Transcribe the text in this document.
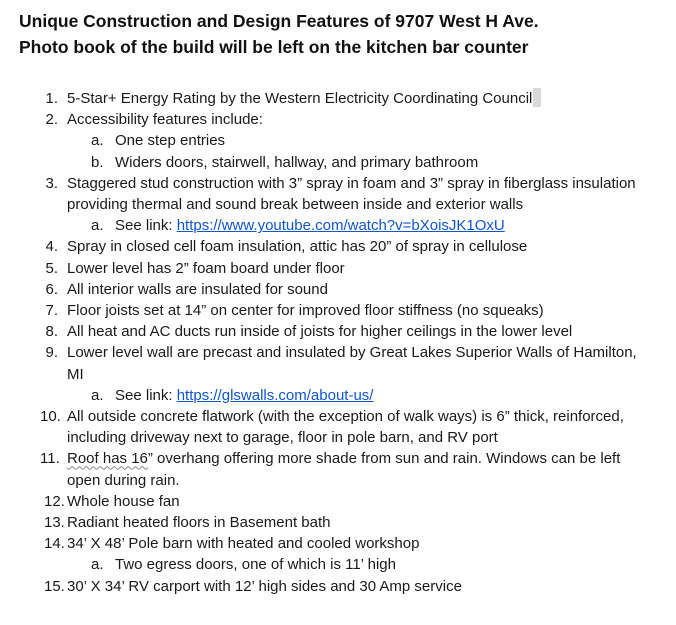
Unique Construction and Design Features of 9707 West H Ave.
Photo book of the build will be left on the kitchen bar counter
1. 5-Star+ Energy Rating by the Western Electricity Coordinating Council
2. Accessibility features include:
a. One step entries
b. Widers doors, stairwell, hallway, and primary bathroom
3. Staggered stud construction with 3” spray in foam and 3” spray in fiberglass insulation providing thermal and sound break between inside and exterior walls
a. See link: https://www.youtube.com/watch?v=bXoisJK1OxU
4. Spray in closed cell foam insulation, attic has 20” of spray in cellulose
5. Lower level has 2” foam board under floor
6. All interior walls are insulated for sound
7. Floor joists set at 14” on center for improved floor stiffness (no squeaks)
8. All heat and AC ducts run inside of joists for higher ceilings in the lower level
9. Lower level wall are precast and insulated by Great Lakes Superior Walls of Hamilton, MI
a. See link: https://glswalls.com/about-us/
10. All outside concrete flatwork (with the exception of walk ways) is 6” thick, reinforced, including driveway next to garage, floor in pole barn, and RV port
11. Roof has 16” overhang offering more shade from sun and rain. Windows can be left open during rain.
12. Whole house fan
13. Radiant heated floors in Basement bath
14. 34’ X 48’ Pole barn with heated and cooled workshop
a. Two egress doors, one of which is 11’ high
15. 30’ X 34’ RV carport with 12’ high sides and 30 Amp service
